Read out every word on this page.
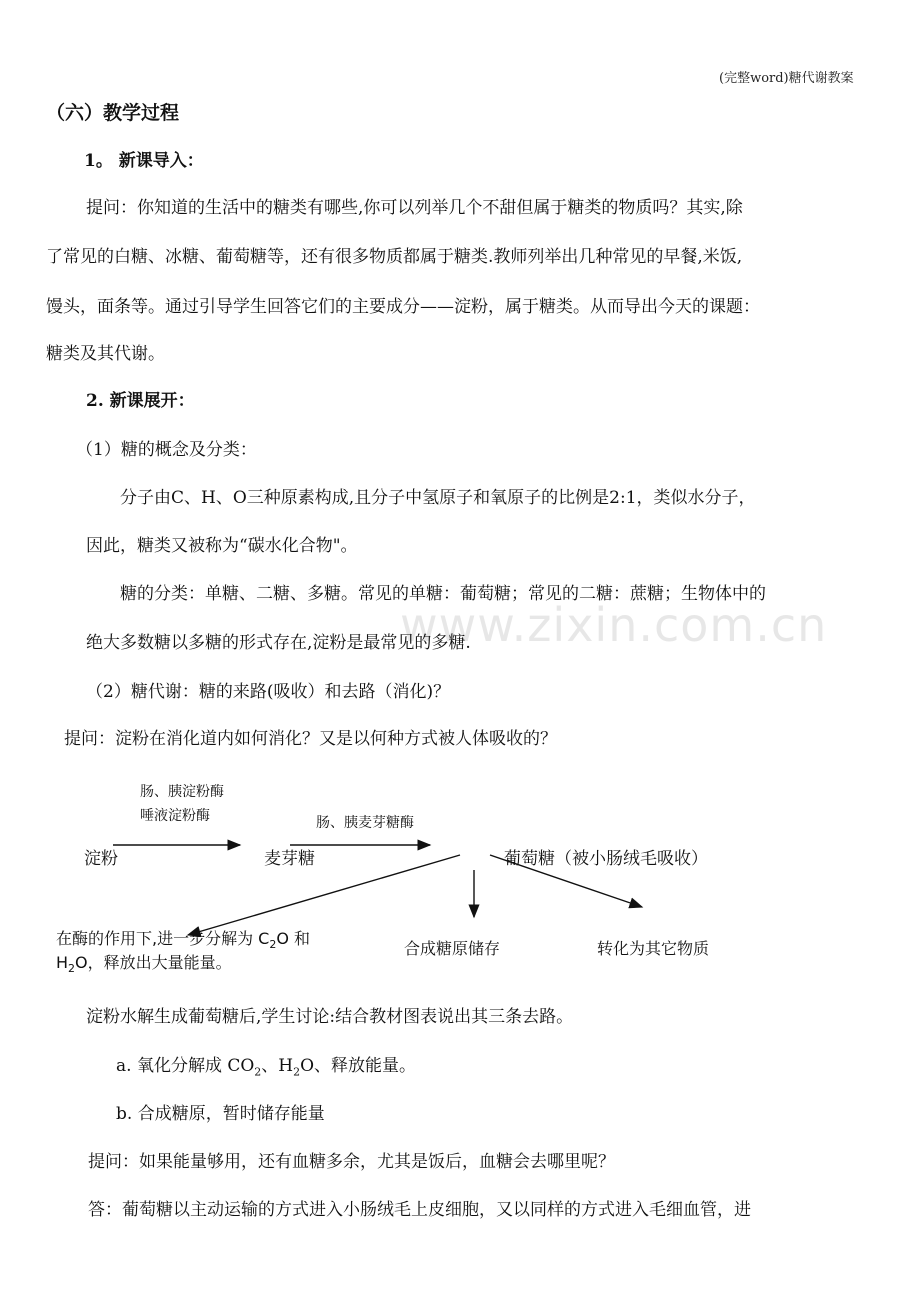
(完整word)糖代谢教案
www.zixin.com.cn
（六）教学过程
1。 新课导入：
提问：你知道的生活中的糖类有哪些,你可以列举几个不甜但属于糖类的物质吗？其实,除
了常见的白糖、冰糖、葡萄糖等，还有很多物质都属于糖类.教师列举出几种常见的早餐,米饭,
馒头，面条等。通过引导学生回答它们的主要成分——淀粉，属于糖类。从而导出今天的课题：
糖类及其代谢。
2. 新课展开：
（1）糖的概念及分类：
分子由C、H、O三种原素构成,且分子中氢原子和氧原子的比例是2:1，类似水分子，
因此，糖类又被称为“碳水化合物"。
糖的分类：单糖、二糖、多糖。常见的单糖：葡萄糖；常见的二糖：蔗糖；生物体中的
绝大多数糖以多糖的形式存在,淀粉是最常见的多糖.
（2）糖代谢：糖的来路(吸收）和去路（消化)？
提问：淀粉在消化道内如何消化？又是以何种方式被人体吸收的？
肠、胰淀粉酶
唾液淀粉酶	肠、胰麦芽糖酶
淀粉	麦芽糖	葡萄糖（被小肠绒毛吸收）
在酶的作用下,进一步分解为 $C_2O$ 和
$H_2O$，释放出大量能量。
合成糖原储存	转化为其它物质
淀粉水解生成葡萄糖后,学生讨论:结合教材图表说出其三条去路。
a. 氧化分解成 $CO_2$、$H_2O$、释放能量。
b. 合成糖原，暂时储存能量
提问：如果能量够用，还有血糖多余，尤其是饭后，血糖会去哪里呢？
答：葡萄糖以主动运输的方式进入小肠绒毛上皮细胞，又以同样的方式进入毛细血管，进
